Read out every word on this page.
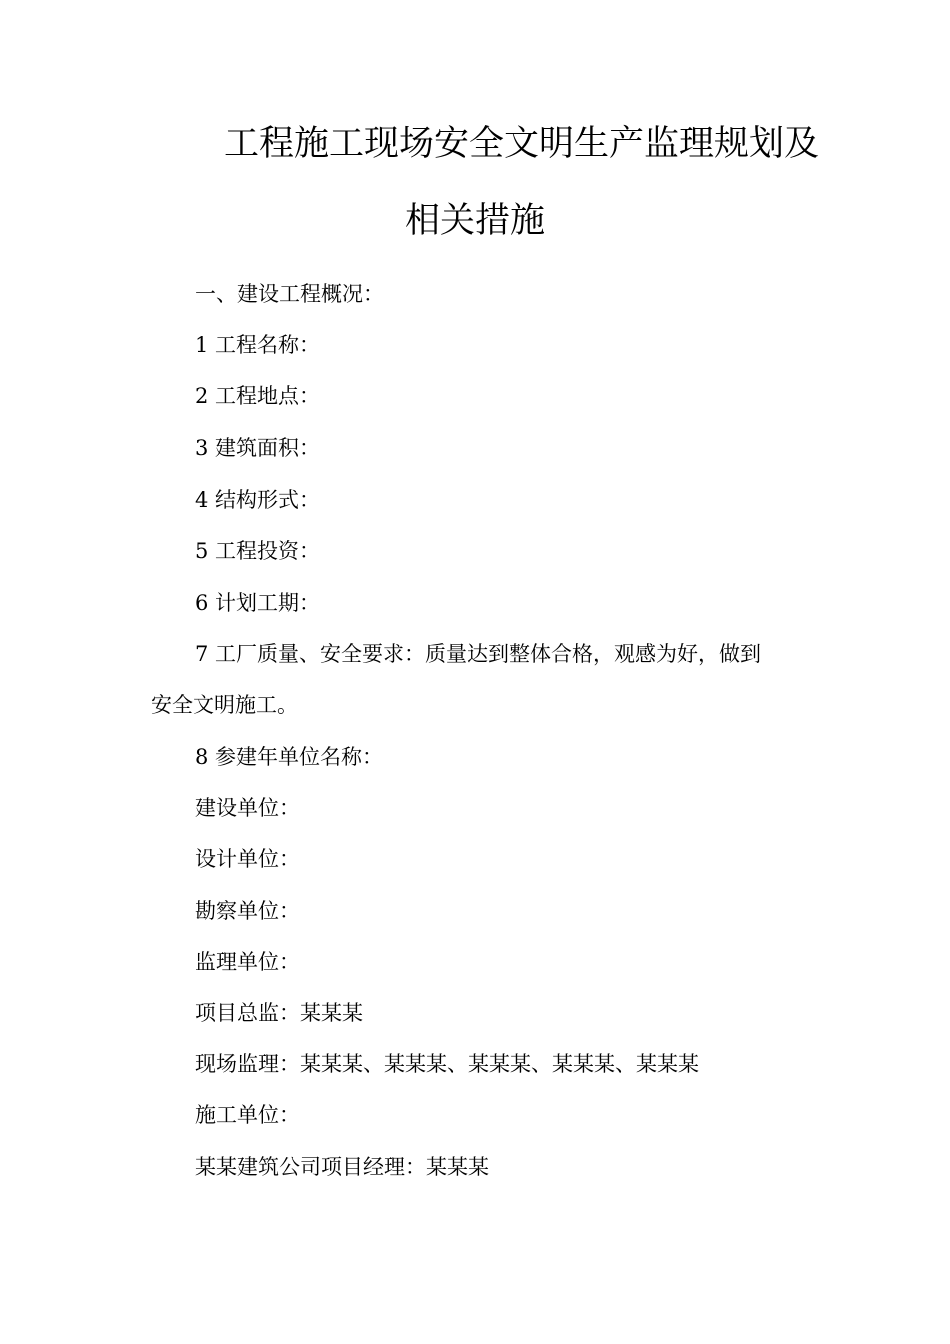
工程施工现场安全文明生产监理规划及
相关措施
一、建设工程概况：
1 工程名称：
2 工程地点：
3 建筑面积：
4 结构形式：
5 工程投资：
6 计划工期：
7 工厂质量、安全要求：质量达到整体合格，观感为好，做到
安全文明施工。
8 参建年单位名称：
建设单位：
设计单位：
勘察单位：
监理单位：
项目总监：某某某
现场监理：某某某、某某某、某某某、某某某、某某某
施工单位：
某某建筑公司项目经理：某某某
